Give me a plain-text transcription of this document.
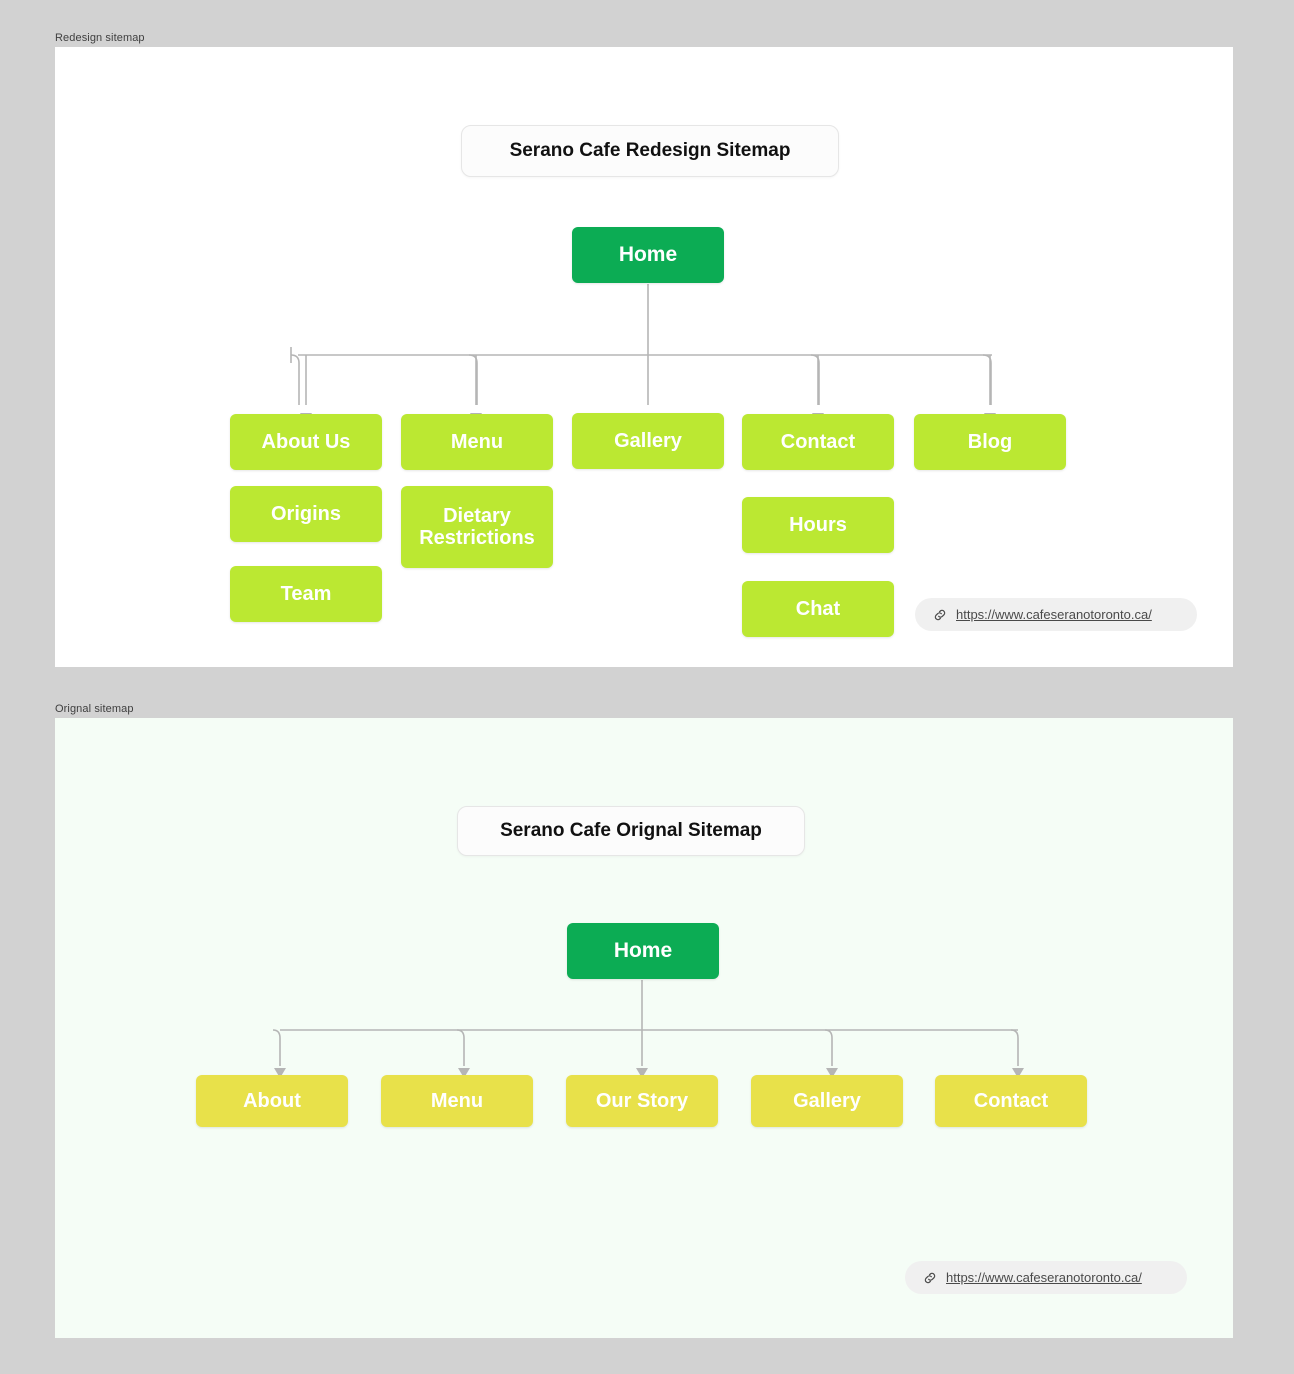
Redesign sitemap
Serano Cafe Redesign Sitemap
Home
About Us
Origins
Team
Menu
Dietary Restrictions
Gallery	Contact
Hours
Chat
Blog
https://www.cafeseranotoronto.ca/
Orignal sitemap
Serano Cafe Orignal Sitemap
Home
About	Menu	Our Story	Gallery	Contact
https://www.cafeseranotoronto.ca/
